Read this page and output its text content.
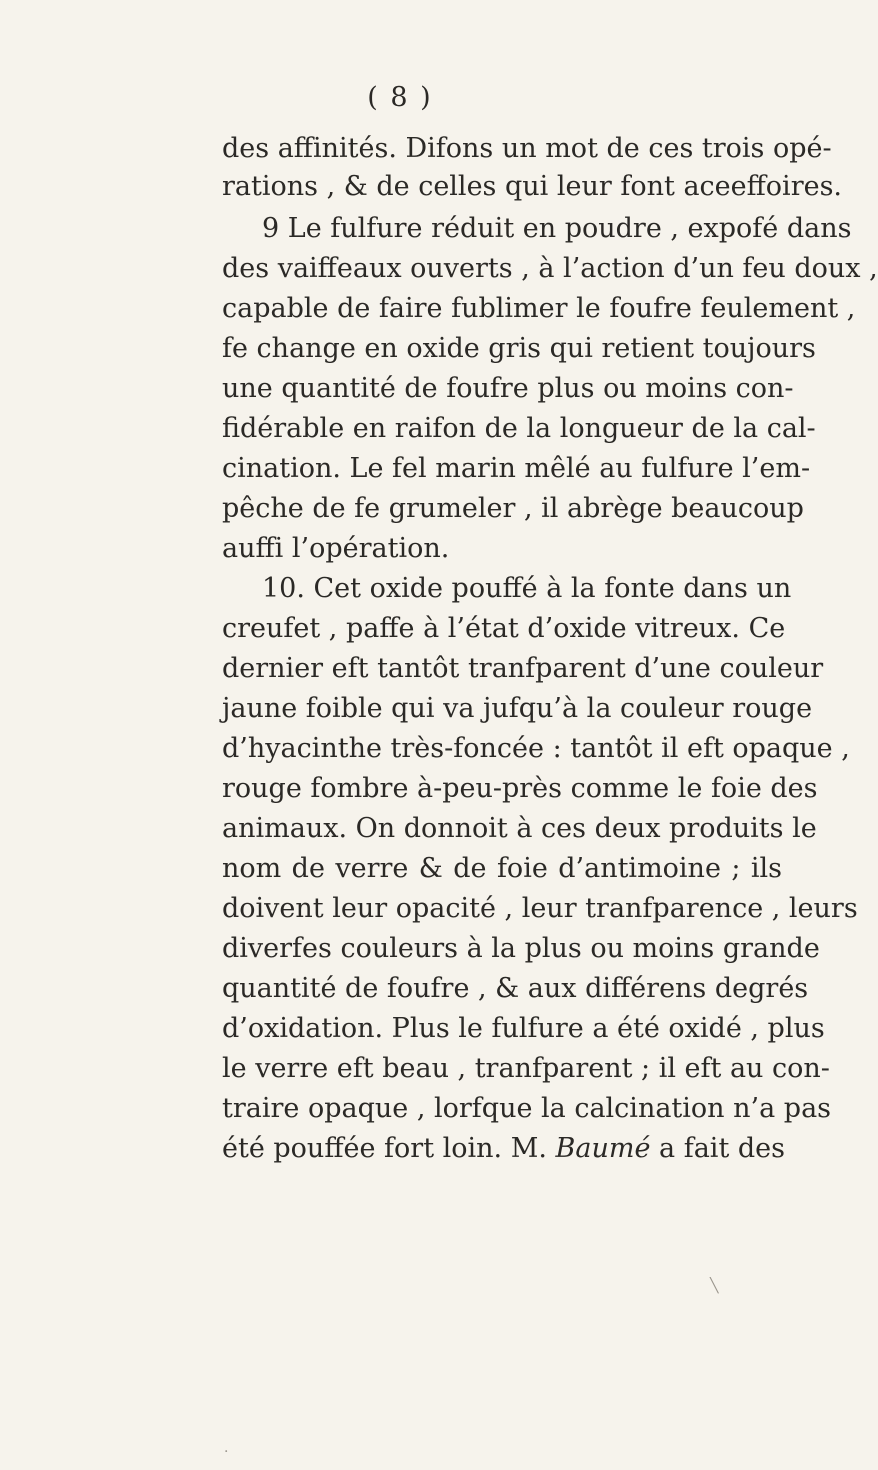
( 8 )
des affinités. Difons un mot de ces trois opé-
rations , & de celles qui leur font aceeffoires.
9 Le fulfure réduit en poudre , expofé dans
des vaiffeaux ouverts , à l’action d’un feu doux ,
capable de faire fublimer le foufre feulement ,
fe change en oxide gris qui retient toujours
une quantité de foufre plus ou moins con-
fidérable en raifon de la longueur de la cal-
cination. Le fel marin mêlé au fulfure l’em-
pêche de fe grumeler , il abrège beaucoup
auffi l’opération.
10. Cet oxide pouffé à la fonte dans un
creufet , paffe à l’état d’oxide vitreux. Ce
dernier eft tantôt tranfparent d’une couleur
jaune foible qui va jufqu’à la couleur rouge
d’hyacinthe très-foncée : tantôt il eft opaque ,
rouge fombre à-peu-près comme le foie des
animaux. On donnoit à ces deux produits le
nom de verre & de foie d’antimoine ; ils
doivent leur opacité , leur tranfparence , leurs
diverfes couleurs à la plus ou moins grande
quantité de foufre , & aux différens degrés
d’oxidation. Plus le fulfure a été oxidé , plus
le verre eft beau , tranfparent ; il eft au con-
traire opaque , lorfque la calcination n’a pas
été pouffée fort loin. M. Baumé a fait des
╲
·
